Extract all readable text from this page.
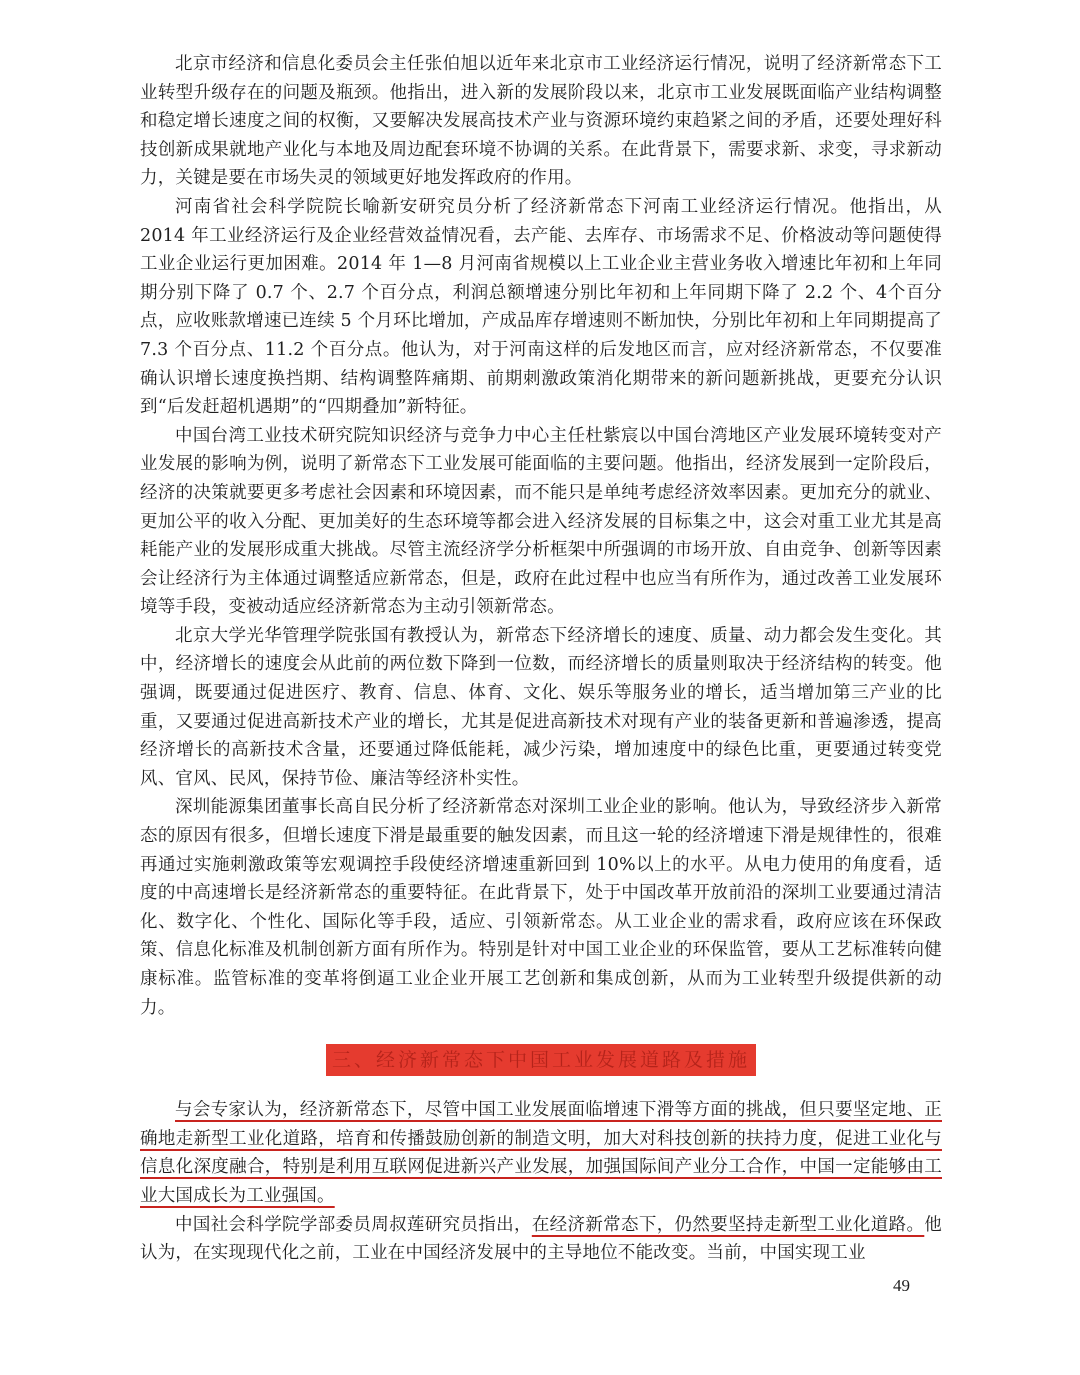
北京市经济和信息化委员会主任张伯旭以近年来北京市工业经济运行情况，说明了经济新常态下工业转型升级存在的问题及瓶颈。他指出，进入新的发展阶段以来，北京市工业发展既面临产业结构调整和稳定增长速度之间的权衡，又要解决发展高技术产业与资源环境约束趋紧之间的矛盾，还要处理好科技创新成果就地产业化与本地及周边配套环境不协调的关系。在此背景下，需要求新、求变，寻求新动力，关键是要在市场失灵的领域更好地发挥政府的作用。

河南省社会科学院院长喻新安研究员分析了经济新常态下河南工业经济运行情况。他指出，从2014 年工业经济运行及企业经营效益情况看，去产能、去库存、市场需求不足、价格波动等问题使得工业企业运行更加困难。2014 年 1—8 月河南省规模以上工业企业主营业务收入增速比年初和上年同期分别下降了 0.7 个、2.7 个百分点，利润总额增速分别比年初和上年同期下降了 2.2 个、4个百分点，应收账款增速已连续 5 个月环比增加，产成品库存增速则不断加快，分别比年初和上年同期提高了 7.3 个百分点、11.2 个百分点。他认为，对于河南这样的后发地区而言，应对经济新常态，不仅要准确认识增长速度换挡期、结构调整阵痛期、前期刺激政策消化期带来的新问题新挑战，更要充分认识到“后发赶超机遇期”的“四期叠加”新特征。

中国台湾工业技术研究院知识经济与竞争力中心主任杜紫宸以中国台湾地区产业发展环境转变对产业发展的影响为例，说明了新常态下工业发展可能面临的主要问题。他指出，经济发展到一定阶段后，经济的决策就要更多考虑社会因素和环境因素，而不能只是单纯考虑经济效率因素。更加充分的就业、更加公平的收入分配、更加美好的生态环境等都会进入经济发展的目标集之中，这会对重工业尤其是高耗能产业的发展形成重大挑战。尽管主流经济学分析框架中所强调的市场开放、自由竞争、创新等因素会让经济行为主体通过调整适应新常态，但是，政府在此过程中也应当有所作为，通过改善工业发展环境等手段，变被动适应经济新常态为主动引领新常态。

北京大学光华管理学院张国有教授认为，新常态下经济增长的速度、质量、动力都会发生变化。其中，经济增长的速度会从此前的两位数下降到一位数，而经济增长的质量则取决于经济结构的转变。他强调，既要通过促进医疗、教育、信息、体育、文化、娱乐等服务业的增长，适当增加第三产业的比重，又要通过促进高新技术产业的增长，尤其是促进高新技术对现有产业的装备更新和普遍渗透，提高经济增长的高新技术含量，还要通过降低能耗，减少污染，增加速度中的绿色比重，更要通过转变党风、官风、民风，保持节俭、廉洁等经济朴实性。

深圳能源集团董事长高自民分析了经济新常态对深圳工业企业的影响。他认为，导致经济步入新常态的原因有很多，但增长速度下滑是最重要的触发因素，而且这一轮的经济增速下滑是规律性的，很难再通过实施刺激政策等宏观调控手段使经济增速重新回到 10%以上的水平。从电力使用的角度看，适度的中高速增长是经济新常态的重要特征。在此背景下，处于中国改革开放前沿的深圳工业要通过清洁化、数字化、个性化、国际化等手段，适应、引领新常态。从工业企业的需求看，政府应该在环保政策、信息化标准及机制创新方面有所作为。特别是针对中国工业企业的环保监管，要从工艺标准转向健康标准。监管标准的变革将倒逼工业企业开展工艺创新和集成创新，从而为工业转型升级提供新的动力。

三、经济新常态下中国工业发展道路及措施

与会专家认为，经济新常态下，尽管中国工业发展面临增速下滑等方面的挑战，但只要坚定地、正确地走新型工业化道路，培育和传播鼓励创新的制造文明，加大对科技创新的扶持力度，促进工业化与信息化深度融合，特别是利用互联网促进新兴产业发展，加强国际间产业分工合作，中国一定能够由工业大国成长为工业强国。

中国社会科学院学部委员周叔莲研究员指出，在经济新常态下，仍然要坚持走新型工业化道路。他认为，在实现现代化之前，工业在中国经济发展中的主导地位不能改变。当前，中国实现工业

49
